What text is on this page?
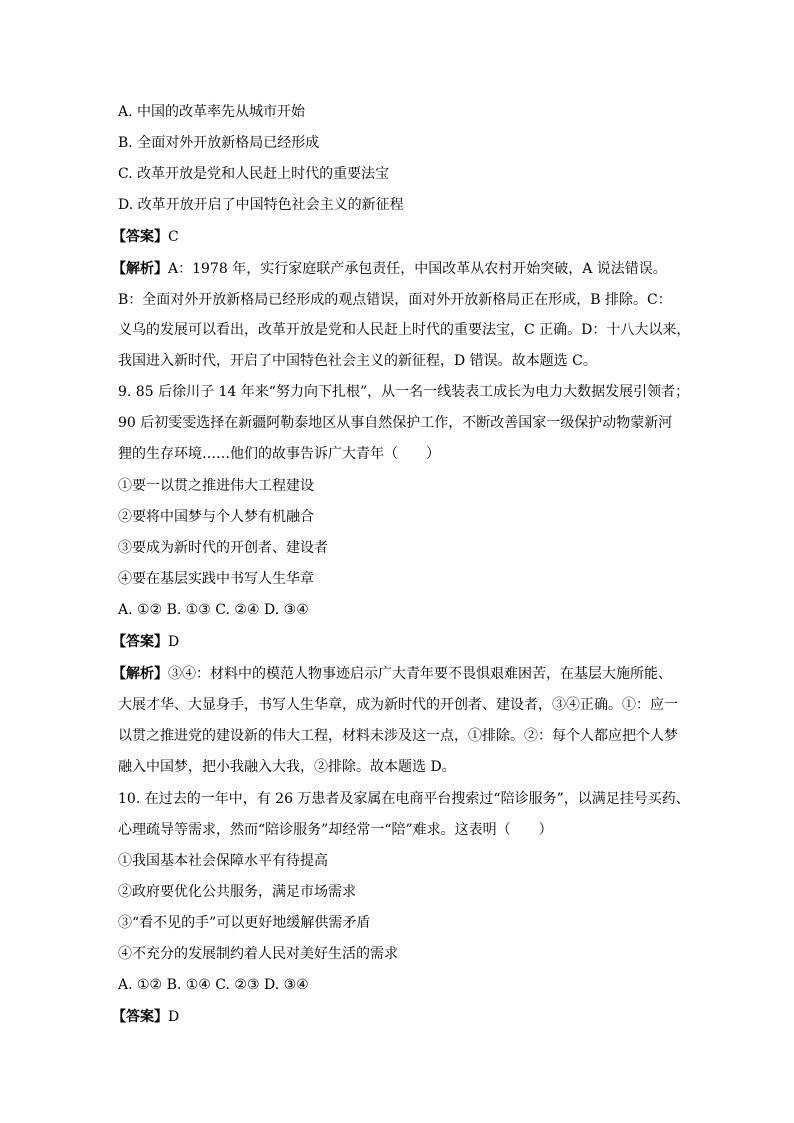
A. 中国的改革率先从城市开始
B. 全面对外开放新格局已经形成
C. 改革开放是党和人民赶上时代的重要法宝
D. 改革开放开启了中国特色社会主义的新征程
【答案】C
【解析】A：1978 年，实行家庭联产承包责任，中国改革从农村开始突破，A 说法错误。
B：全面对外开放新格局已经形成的观点错误，面对外开放新格局正在形成，B 排除。C：
义乌的发展可以看出，改革开放是党和人民赶上时代的重要法宝，C 正确。D：十八大以来，
我国进入新时代，开启了中国特色社会主义的新征程，D 错误。故本题选 C。
9. 85 后徐川子 14 年来“努力向下扎根”，从一名一线装表工成长为电力大数据发展引领者；
90 后初雯雯选择在新疆阿勒泰地区从事自然保护工作，不断改善国家一级保护动物蒙新河
狸的生存环境……他们的故事告诉广大青年（　　）
①要一以贯之推进伟大工程建设
②要将中国梦与个人梦有机融合
③要成为新时代的开创者、建设者
④要在基层实践中书写人生华章
A. ①② B. ①③ C. ②④ D. ③④
【答案】D
【解析】③④：材料中的模范人物事迹启示广大青年要不畏惧艰难困苦，在基层大施所能、
大展才华、大显身手，书写人生华章，成为新时代的开创者、建设者，③④正确。①：应一
以贯之推进党的建设新的伟大工程，材料未涉及这一点，①排除。②：每个人都应把个人梦
融入中国梦，把小我融入大我，②排除。故本题选 D。
10. 在过去的一年中，有 26 万患者及家属在电商平台搜索过“陪诊服务”，以满足挂号买药、
心理疏导等需求，然而“陪诊服务”却经常一“陪”难求。这表明（　　）
①我国基本社会保障水平有待提高
②政府要优化公共服务，满足市场需求
③“看不见的手”可以更好地缓解供需矛盾
④不充分的发展制约着人民对美好生活的需求
A. ①② B. ①④ C. ②③ D. ③④
【答案】D
